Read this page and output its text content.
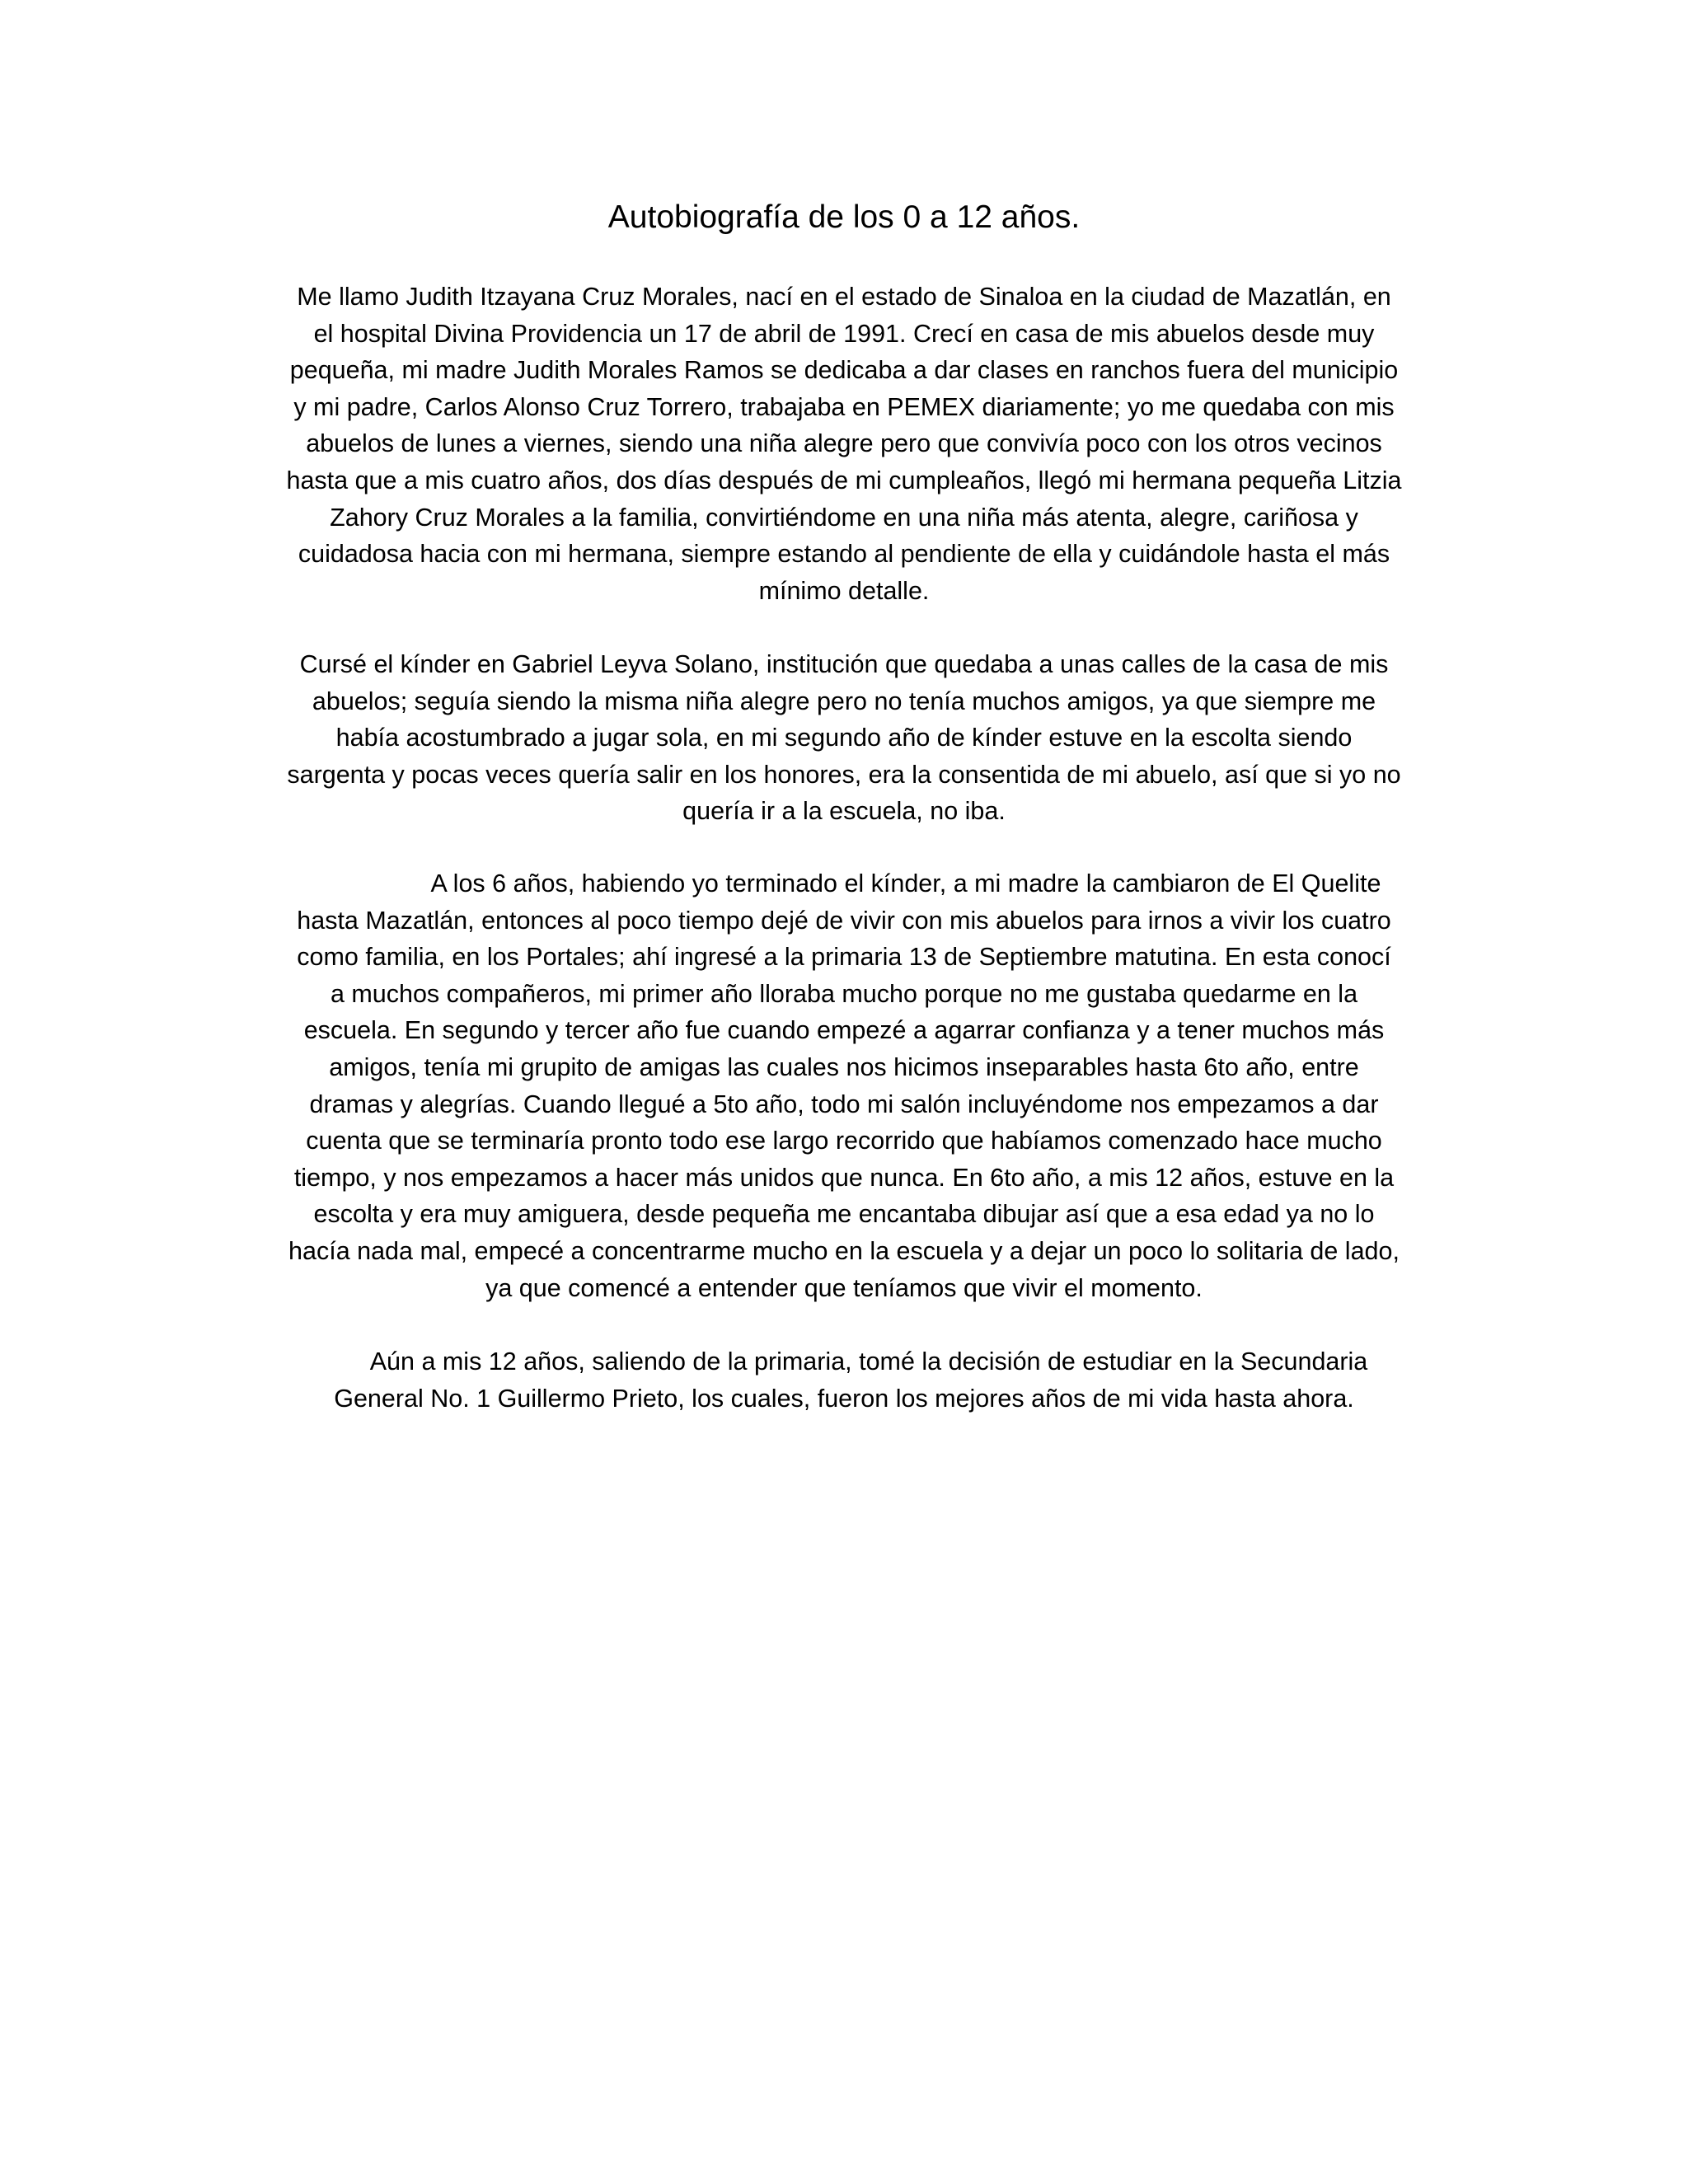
Autobiografía de los 0 a 12 años.

Me llamo Judith Itzayana Cruz Morales, nací en el estado de Sinaloa en la ciudad de Mazatlán, en
el hospital Divina Providencia un 17 de abril de 1991. Crecí en casa de mis abuelos desde muy
pequeña, mi madre Judith Morales Ramos se dedicaba a dar clases en ranchos fuera del municipio
y mi padre, Carlos Alonso Cruz Torrero, trabajaba en PEMEX diariamente; yo me quedaba con mis
abuelos de lunes a viernes, siendo una niña alegre pero que convivía poco con los otros vecinos
hasta que a mis cuatro años, dos días después de mi cumpleaños, llegó mi hermana pequeña Litzia
Zahory Cruz Morales a la familia, convirtiéndome en una niña más atenta, alegre, cariñosa y
cuidadosa hacia con mi hermana, siempre estando al pendiente de ella y cuidándole hasta el más
mínimo detalle.

Cursé el kínder en Gabriel Leyva Solano, institución que quedaba a unas calles de la casa de mis
abuelos; seguía siendo la misma niña alegre pero no tenía muchos amigos, ya que siempre me
había acostumbrado a jugar sola, en mi segundo año de kínder estuve en la escolta siendo
sargenta y pocas veces quería salir en los honores, era la consentida de mi abuelo, así que si yo no
quería ir a la escuela, no iba.

A los 6 años, habiendo yo terminado el kínder, a mi madre la cambiaron de El Quelite
hasta Mazatlán, entonces al poco tiempo dejé de vivir con mis abuelos para irnos a vivir los cuatro
como familia, en los Portales; ahí ingresé a la primaria 13 de Septiembre matutina. En esta conocí
a muchos compañeros, mi primer año lloraba mucho porque no me gustaba quedarme en la
escuela. En segundo y tercer año fue cuando empezé a agarrar confianza y a tener muchos más
amigos, tenía mi grupito de amigas las cuales nos hicimos inseparables hasta 6to año, entre
dramas y alegrías. Cuando llegué a 5to año, todo mi salón incluyéndome nos empezamos a dar
cuenta que se terminaría pronto todo ese largo recorrido que habíamos comenzado hace mucho
tiempo, y nos empezamos a hacer más unidos que nunca. En 6to año, a mis 12 años, estuve en la
escolta y era muy amiguera, desde pequeña me encantaba dibujar así que a esa edad ya no lo
hacía nada mal, empecé a concentrarme mucho en la escuela y a dejar un poco lo solitaria de lado,
ya que comencé a entender que teníamos que vivir el momento.

Aún a mis 12 años, saliendo de la primaria, tomé la decisión de estudiar en la Secundaria
General No. 1 Guillermo Prieto, los cuales, fueron los mejores años de mi vida hasta ahora.
